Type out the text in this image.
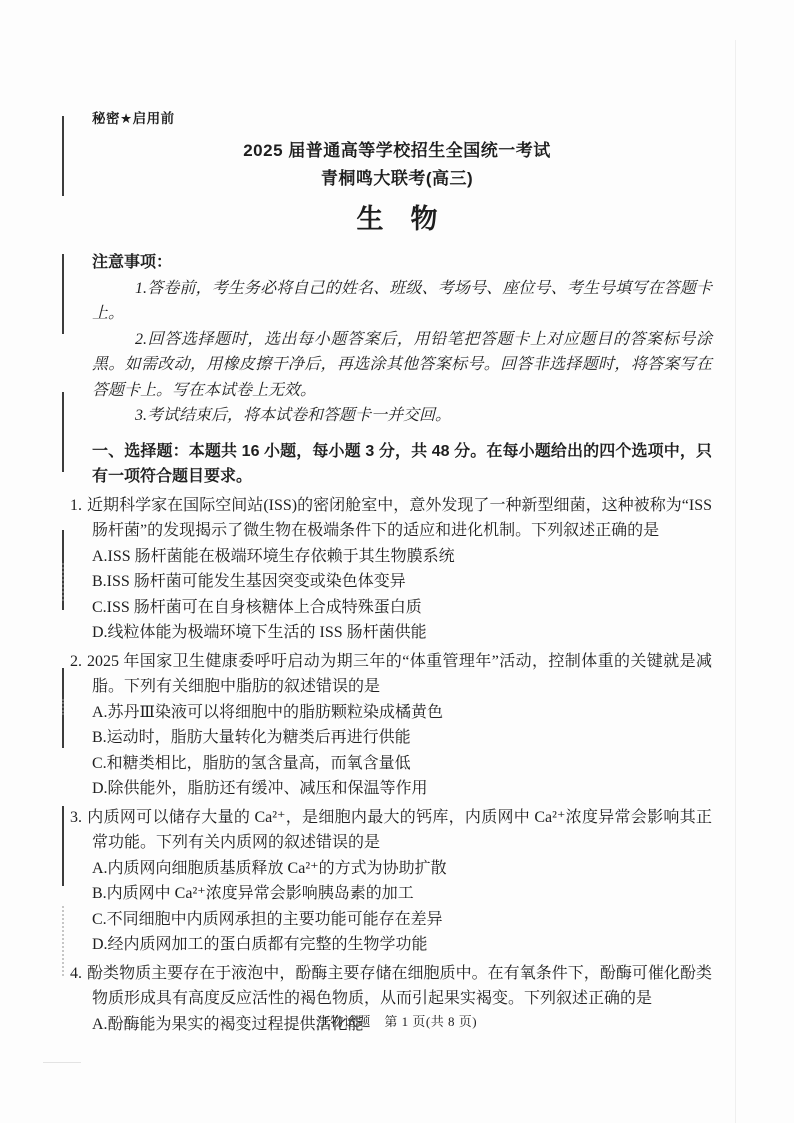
秘密★启用前
2025 届普通高等学校招生全国统一考试
青桐鸣大联考(高三)
生　物

注意事项：

1.答卷前，考生务必将自己的姓名、班级、考场号、座位号、考生号填写在答题卡上。

2.回答选择题时，选出每小题答案后，用铅笔把答题卡上对应题目的答案标号涂黑。如需改动，用橡皮擦干净后，再选涂其他答案标号。回答非选择题时，将答案写在答题卡上。写在本试卷上无效。

3.考试结束后，将本试卷和答题卡一并交回。

一、选择题：本题共 16 小题，每小题 3 分，共 48 分。在每小题给出的四个选项中，只有一项符合题目要求。

1. 近期科学家在国际空间站(ISS)的密闭舱室中，意外发现了一种新型细菌，这种被称为“ISS 肠杆菌”的发现揭示了微生物在极端条件下的适应和进化机制。下列叙述正确的是

A.ISS 肠杆菌能在极端环境生存依赖于其生物膜系统

B.ISS 肠杆菌可能发生基因突变或染色体变异

C.ISS 肠杆菌可在自身核糖体上合成特殊蛋白质

D.线粒体能为极端环境下生活的 ISS 肠杆菌供能

2. 2025 年国家卫生健康委呼吁启动为期三年的“体重管理年”活动，控制体重的关键就是减脂。下列有关细胞中脂肪的叙述错误的是

A.苏丹Ⅲ染液可以将细胞中的脂肪颗粒染成橘黄色

B.运动时，脂肪大量转化为糖类后再进行供能

C.和糖类相比，脂肪的氢含量高，而氧含量低

D.除供能外，脂肪还有缓冲、减压和保温等作用

3. 内质网可以储存大量的 Ca²⁺，是细胞内最大的钙库，内质网中 Ca²⁺浓度异常会影响其正常功能。下列有关内质网的叙述错误的是

A.内质网向细胞质基质释放 Ca²⁺的方式为协助扩散

B.内质网中 Ca²⁺浓度异常会影响胰岛素的加工

C.不同细胞中内质网承担的主要功能可能存在差异

D.经内质网加工的蛋白质都有完整的生物学功能

4. 酚类物质主要存在于液泡中，酚酶主要存储在细胞质中。在有氧条件下，酚酶可催化酚类物质形成具有高度反应活性的褐色物质，从而引起果实褐变。下列叙述正确的是

A.酚酶能为果实的褐变过程提供活化能

生物试题　第 1 页(共 8 页)
